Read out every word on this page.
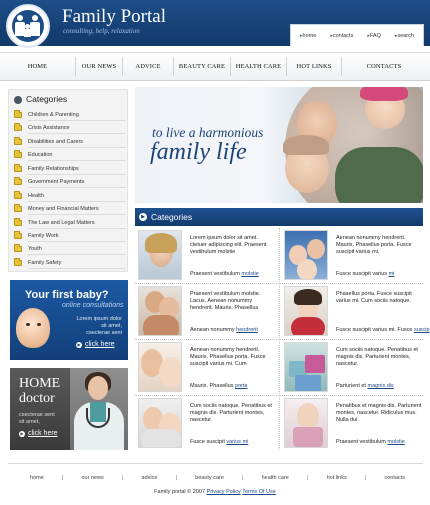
Family Portal
consulting, help, relaxation
▸ home	▸ contacts	▸ FAQ	▸ search
HOME	OUR NEWS	ADVICE	BEAUTY CARE	HEALTH CARE	HOT LINKS	CONTACTS
Categories
Children & Parenting
Crisis Assistance
Disabilities and Carers
Education
Family Relationships
Government Payments
Health
Money and Financial Matters
The Law and Legal Matters
Family Work
Youth
Family Safety
Your first baby?
online consultations
Lorem ipsum dolor
sit amet,
csecterae sent
▶ click here
HOME
doctor
csecterae sent
sit amet,
▶ click here
to live a harmonious
family life
▶ Categories
Lorem ipsum dolor sit amet. ctetuer adipiscing elit. Praesent vestibulum molstie
Praesent vestibulum molstie
Aenean nonummy hendrerit. Mauris. Phasellus porta. Fusce suscipit varius mi.
Fusce suscipit varius mi
Praesent vestibulum molstie. Lacus. Aenean nonummy hendrerit. Mauris. Phasellus
Aenean nonummy hendrerit
Phasellus porta. Fusce suscipit varius mi. Cum sociis natoque.
Fusce suscipit varius mi. Fusce suscip
Aenean nonummy hendrerit. Mauris. Phasellus porta. Fusce suscipit varius mi. Cum
Mauris. Phasellus porta
Cum sociis natoque. Penatibus et magnis dis. Parturient montes, nascetur.
Parturient et magnis dis
Cum sociis natoque. Penatibus et magnis dis. Parturient montes, nascetur.
Fusce suscipit varius mi
Penatibus et magnis dis. Parturient montes, nascetur. Ridiculus mus. Nulla dui.
Praesent vestibulum molstie
home	|	our news	|	advice	|	beauty care	|	health care	|	hot links	|	contacts
Family portal © 2007 Privacy Policy Terms Of Use
